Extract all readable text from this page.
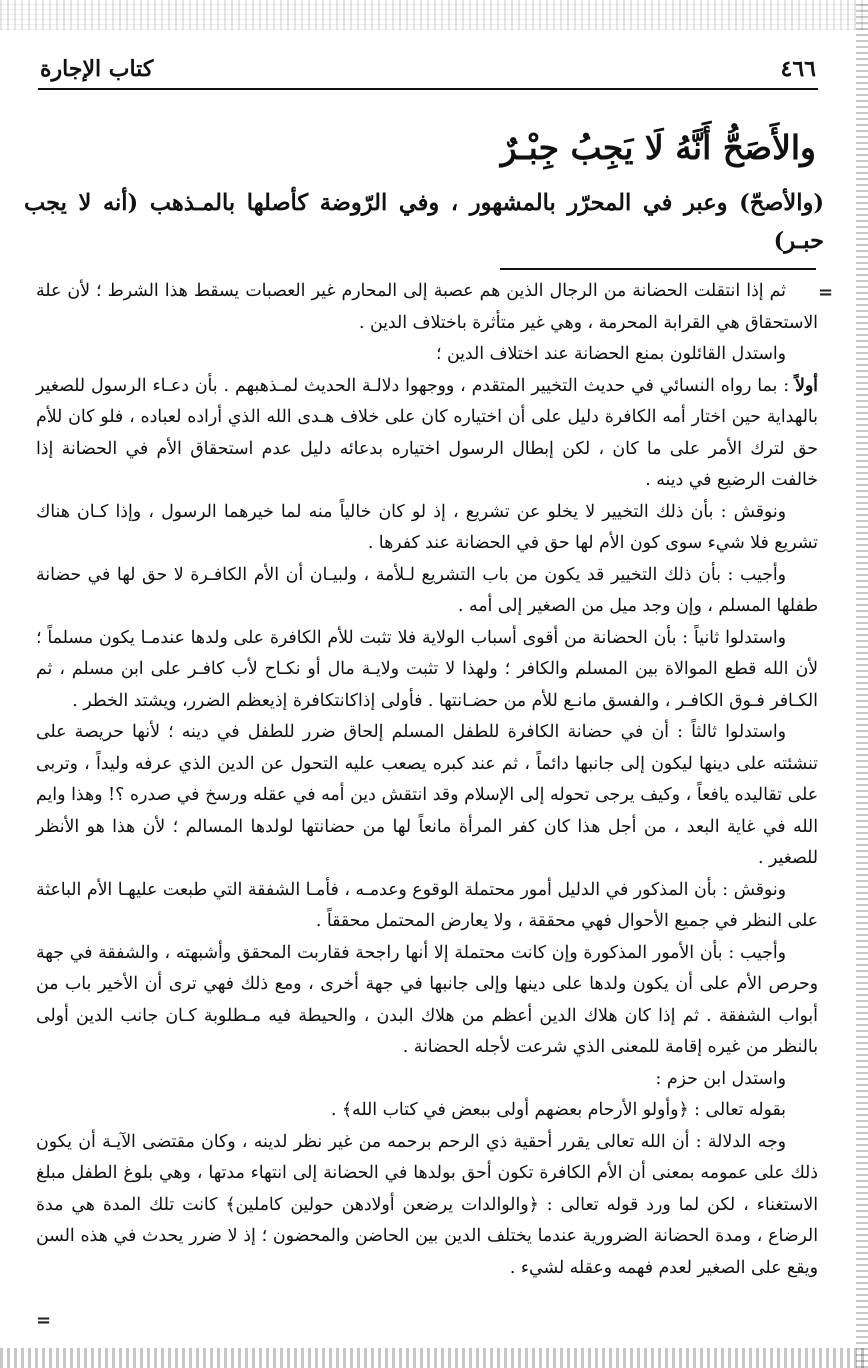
٤٦٦
كتاب الإجارة
والأَصَحُّ أَنَّهُ لَا يَجِبُ جِبْـرٌ
(والأصحّ) وعبر في المحرّر بالمشهور ، وفي الرّوضة كأصلها بالمـذهب (أنه لا يجب حبـر)
=
=

ثم إذا انتقلت الحضانة من الرجال الذين هم عصبة إلى المحارم غير العصبات يسقط هذا الشرط ؛ لأن علة الاستحقاق هي القرابة المحرمة ، وهي غير متأثرة باختلاف الدين .

واستدل القائلون بمنع الحضانة عند اختلاف الدين ؛

أولاً : بما رواه النسائي في حديث التخيير المتقدم ، ووجهوا دلالـة الحديث لمـذهبهم . بأن دعـاء الرسول للصغير بالهداية حين اختار أمه الكافرة دليل على أن اختياره كان على خلاف هـدى الله الذي أراده لعباده ، فلو كان للأم حق لترك الأمر على ما كان ، لكن إبطال الرسول اختياره بدعائه دليل عدم استحقاق الأم في الحضانة إذا خالفت الرضيع في دينه .

ونوقش : بأن ذلك التخيير لا يخلو عن تشريع ، إذ لو كان خالياً منه لما خيرهما الرسول ، وإذا كـان هناك تشريع فلا شيء سوى كون الأم لها حق في الحضانة عند كفرها .

وأجيب : بأن ذلك التخيير قد يكون من باب التشريع لـلأمة ، ولبيـان أن الأم الكافـرة لا حق لها في حضانة طفلها المسلم ، وإن وجد ميل من الصغير إلى أمه .

واستدلوا ثانياً : بأن الحضانة من أقوى أسباب الولاية فلا تثبت للأم الكافرة على ولدها عندمـا يكون مسلماً ؛ لأن الله قطع الموالاة بين المسلم والكافر ؛ ولهذا لا تثبت ولايـة مال أو نكـاح لأب كافـر على ابن مسلم ، ثم الكـافر فـوق الكافـر ، والفسق مانـع للأم من حضـانتها . فأولى إذاكانتكافرة إذيعظم الضرر، ويشتد الخطر .

واستدلوا ثالثاً : أن في حضانة الكافرة للطفل المسلم إلحاق ضرر للطفل في دينه ؛ لأنها حريصة على تنشئته على دينها ليكون إلى جانبها دائماً ، ثم عند كبره يصعب عليه التحول عن الدين الذي عرفه وليداً ، وتربى على تقاليده يافعاً ، وكيف يرجى تحوله إلى الإسلام وقد انتقش دين أمه في عقله ورسخ في صدره ؟! وهذا وايم الله في غاية البعد ، من أجل هذا كان كفر المرأة مانعاً لها من حضانتها لولدها المسالم ؛ لأن هذا هو الأنظر للصغير .

ونوقش : بأن المذكور في الدليل أمور محتملة الوقوع وعدمـه ، فأمـا الشفقة التي طبعت عليهـا الأم الباعثة على النظر في جميع الأحوال فهي محققة ، ولا يعارض المحتمل محققاً .

وأجيب : بأن الأمور المذكورة وإن كانت محتملة إلا أنها راجحة فقاربت المحقق وأشبهته ، والشفقة في جهة وحرص الأم على أن يكون ولدها على دينها وإلى جانبها في جهة أخرى ، ومع ذلك فهي ترى أن الأخير باب من أبواب الشفقة . ثم إذا كان هلاك الدين أعظم من هلاك البدن ، والحيطة فيه مـطلوبة كـان جانب الدين أولى بالنظر من غيره إقامة للمعنى الذي شرعت لأجله الحضانة .

واستدل ابن حزم :

بقوله تعالى : ﴿وأولو الأرحام بعضهم أولى ببعض في كتاب الله﴾ .

وجه الدلالة : أن الله تعالى يقرر أحقية ذي الرحم برحمه من غير نظر لدينه ، وكان مقتضى الآيـة أن يكون ذلك على عمومه بمعنى أن الأم الكافرة تكون أحق بولدها في الحضانة إلى انتهاء مدتها ، وهي بلوغ الطفل مبلغ الاستغناء ، لكن لما ورد قوله تعالى : ﴿والوالدات يرضعن أولادهن حولين كاملين﴾ كانت تلك المدة هي مدة الرضاع ، ومدة الحضانة الضرورية عندما يختلف الدين بين الحاضن والمحضون ؛ إذ لا ضرر يحدث في هذه السن ويقع على الصغير لعدم فهمه وعقله لشيء .
